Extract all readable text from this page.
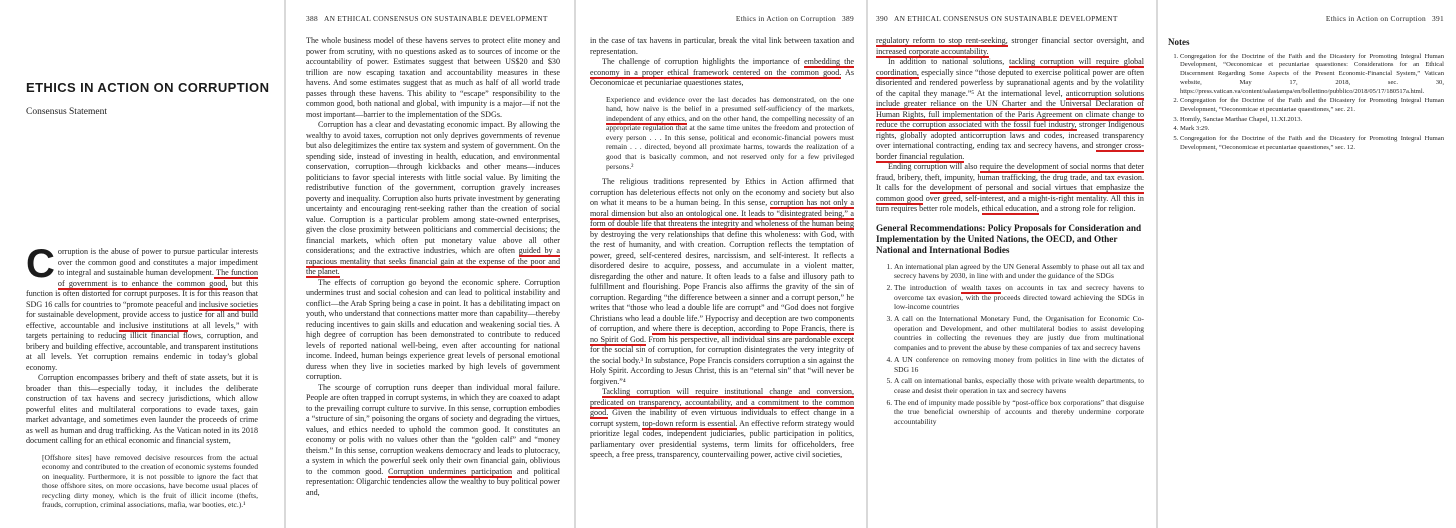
ETHICS IN ACTION ON CORRUPTION
Consensus Statement

Corruption is the abuse of power to pursue particular interests over the common good and constitutes a major impediment to integral and sustainable human development. The function of government is to enhance the common good, but this function is often distorted for corrupt purposes. It is for this reason that SDG 16 calls for countries to “promote peaceful and inclusive societies for sustainable development, provide access to justice for all and build effective, accountable and inclusive institutions at all levels,” with targets pertaining to reducing illicit financial flows, corruption, and bribery and building effective, accountable, and transparent institutions at all levels. Yet corruption remains endemic in today’s global economy.

Corruption encompasses bribery and theft of state assets, but it is broader than this—especially today, it includes the deliberate construction of tax havens and secrecy jurisdictions, which allow powerful elites and multilateral corporations to evade taxes, gain market advantage, and sometimes even launder the proceeds of crime as well as human and drug trafficking. As the Vatican noted in its 2018 document calling for an ethical economic and financial system,

[Offshore sites] have removed decisive resources from the actual economy and contributed to the creation of economic systems founded on inequality. Furthermore, it is not possible to ignore the fact that those offshore sites, on more occasions, have become usual places of recycling dirty money, which is the fruit of illicit income (thefts, frauds, corruption, criminal associations, mafia, war booties, etc.).¹

388 AN ETHICAL CONSENSUS ON SUSTAINABLE DEVELOPMENT

The whole business model of these havens serves to protect elite money and power from scrutiny, with no questions asked as to sources of income or the accountability of power. Estimates suggest that between US$20 and $30 trillion are now escaping taxation and accountability measures in these havens. And some estimates suggest that as much as half of all world trade passes through these havens. This ability to “escape” responsibility to the common good, both national and global, with impunity is a major—if not the most important—barrier to the implementation of the SDGs.

Corruption has a clear and devastating economic impact. By allowing the wealthy to avoid taxes, corruption not only deprives governments of revenue but also delegitimizes the entire tax system and system of government. On the spending side, instead of investing in health, education, and environmental conservation, corruption—through kickbacks and other means—induces politicians to favor special interests with little social value. By limiting the redistributive function of the government, corruption gravely increases poverty and inequality. Corruption also hurts private investment by generating uncertainty and encouraging rent-seeking rather than the creation of social value. Corruption is a particular problem among state-owned enterprises, given the close proximity between politicians and commercial decisions; the financial markets, which often put monetary value above all other considerations; and the extractive industries, which are often guided by a rapacious mentality that seeks financial gain at the expense of the poor and the planet.

The effects of corruption go beyond the economic sphere. Corruption undermines trust and social cohesion and can lead to political instability and conflict—the Arab Spring being a case in point. It has a debilitating impact on youth, who understand that connections matter more than capability—thereby reducing incentives to gain skills and education and weakening social ties. A high degree of corruption has been demonstrated to contribute to reduced levels of reported national well-being, even after accounting for national income. Indeed, human beings experience great levels of personal emotional duress when they live in societies marked by high levels of government corruption.

The scourge of corruption runs deeper than individual moral failure. People are often trapped in corrupt systems, in which they are coaxed to adapt to the prevailing corrupt culture to survive. In this sense, corruption embodies a “structure of sin,” poisoning the organs of society and degrading the virtues, values, and ethics needed to uphold the common good. It constitutes an economy or polis with no values other than the “golden calf” and “money theism.” In this sense, corruption weakens democracy and leads to plutocracy, a system in which the powerful seek only their own financial gain, oblivious to the common good. Corruption undermines participation and political representation: Oligarchic tendencies allow the wealthy to buy political power and,

Ethics in Action on Corruption 389

in the case of tax havens in particular, break the vital link between taxation and representation.

The challenge of corruption highlights the importance of embedding the economy in a proper ethical framework centered on the common good. As Oeconomicae et pecuniariae quaestiones states,

Experience and evidence over the last decades has demonstrated, on the one hand, how naive is the belief in a presumed self-sufficiency of the markets, independent of any ethics, and on the other hand, the compelling necessity of an appropriate regulation that at the same time unites the freedom and protection of every person . . . In this sense, political and economic-financial powers must remain . . . directed, beyond all proximate harms, towards the realization of a good that is basically common, and not reserved only for a few privileged persons.²

The religious traditions represented by Ethics in Action affirmed that corruption has deleterious effects not only on the economy and society but also on what it means to be a human being. In this sense, corruption has not only a moral dimension but also an ontological one. It leads to “disintegrated being,” a form of double life that threatens the integrity and wholeness of the human being by destroying the very relationships that define this wholeness: with God, with the rest of humanity, and with creation. Corruption reflects the temptation of power, greed, self-centered desires, narcissism, and self-interest. It reflects a disordered desire to acquire, possess, and accumulate in a violent matter, disregarding the other and nature. It often leads to a false and illusory path to fulfillment and flourishing. Pope Francis also affirms the gravity of the sin of corruption. Regarding “the difference between a sinner and a corrupt person,” he writes that “those who lead a double life are corrupt” and “God does not forgive Christians who lead a double life.” Hypocrisy and deception are two components of corruption, and where there is deception, according to Pope Francis, there is no Spirit of God. From his perspective, all individual sins are pardonable except for the social sin of corruption, for corruption disintegrates the very integrity of the social body.³ In substance, Pope Francis considers corruption a sin against the Holy Spirit. According to Jesus Christ, this is an “eternal sin” that “will never be forgiven.”⁴

Tackling corruption will require institutional change and conversion, predicated on transparency, accountability, and a commitment to the common good. Given the inability of even virtuous individuals to effect change in a corrupt system, top-down reform is essential. An effective reform strategy would prioritize legal codes, independent judiciaries, public participation in politics, parliamentary over presidential systems, term limits for officeholders, free speech, a free press, transparency, countervailing power, active civil societies,

390 AN ETHICAL CONSENSUS ON SUSTAINABLE DEVELOPMENT

regulatory reform to stop rent-seeking, stronger financial sector oversight, and increased corporate accountability.

In addition to national solutions, tackling corruption will require global coordination, especially since “those deputed to exercise political power are often disoriented and rendered powerless by supranational agents and by the volatility of the capital they manage.”⁵ At the international level, anticorruption solutions include greater reliance on the UN Charter and the Universal Declaration of Human Rights, full implementation of the Paris Agreement on climate change to reduce the corruption associated with the fossil fuel industry, stronger Indigenous rights, globally adopted anticorruption laws and codes, increased transparency over international contracting, ending tax and secrecy havens, and stronger cross-border financial regulation.

Ending corruption will also require the development of social norms that deter fraud, bribery, theft, impunity, human trafficking, the drug trade, and tax evasion. It calls for the development of personal and social virtues that emphasize the common good over greed, self-interest, and a might-is-right mentality. All this in turn requires better role models, ethical education, and a strong role for religion.

General Recommendations: Policy Proposals for Consideration and Implementation by the United Nations, the OECD, and Other National and International Bodies
1. An international plan agreed by the UN General Assembly to phase out all tax and secrecy havens by 2030, in line with and under the guidance of the SDGs
2. The introduction of wealth taxes on accounts in tax and secrecy havens to overcome tax evasion, with the proceeds directed toward achieving the SDGs in low-income countries
3. A call on the International Monetary Fund, the Organisation for Economic Co-operation and Development, and other multilateral bodies to assist developing countries in collecting the revenues they are justly due from multinational companies and to prevent the abuse by these companies of tax and secrecy havens
4. A UN conference on removing money from politics in line with the dictates of SDG 16
5. A call on international banks, especially those with private wealth departments, to cease and desist their operation in tax and secrecy havens
6. The end of impunity made possible by “post-office box corporations” that disguise the true beneficial ownership of accounts and thereby undermine corporate accountability
Ethics in Action on Corruption 391
Notes
1. Congregation for the Doctrine of the Faith and the Dicastery for Promoting Integral Human Development, “Oeconomicae et pecuniariae quaestiones: Considerations for an Ethical Discernment Regarding Some Aspects of the Present Economic-Financial System,” Vatican website, May 17, 2018, sec. 30, https://press.vatican.va/content/salastampa/en/bollettino/pubblico/2018/05/17/180517a.html.
2. Congregation for the Doctrine of the Faith and the Dicastery for Promoting Integral Human Development, “Oeconomicae et pecuniariae quaestiones,” sec. 21.
3. Homily, Sanctae Marthae Chapel, 11.XI.2013.
4. Mark 3:29.
5. Congregation for the Doctrine of the Faith and the Dicastery for Promoting Integral Human Development, “Oeconomicae et pecuniariae quaestiones,” sec. 12.
